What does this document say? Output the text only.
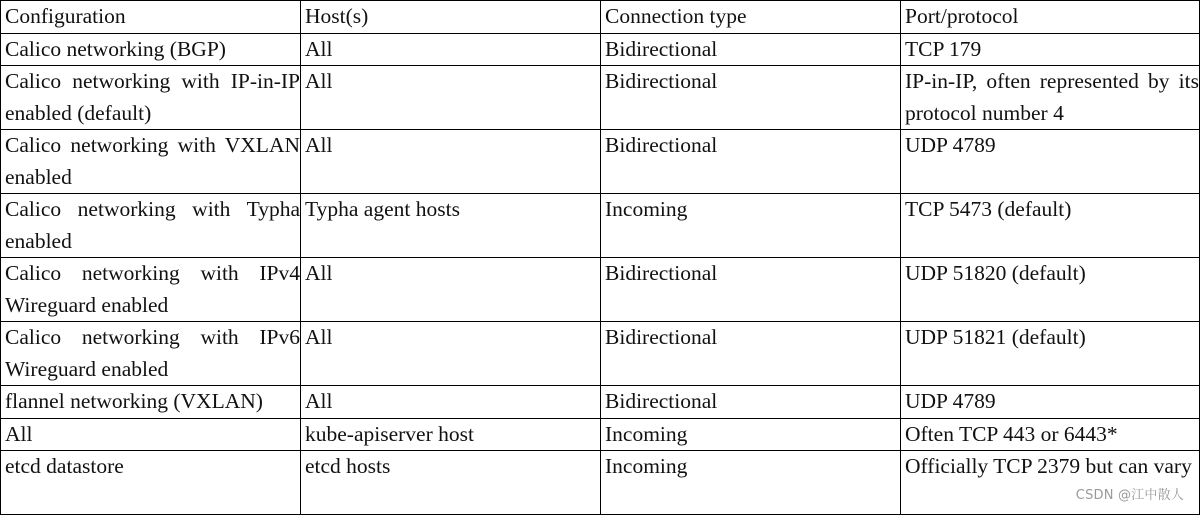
Configuration	Host(s)	Connection type	Port/protocol
Calico networking (BGP)	All	Bidirectional	TCP 179
Calico networking with IP-in-IP enabled (default)	All	Bidirectional	IP-in-IP, often represented by its protocol number 4
Calico networking with VXLAN enabled	All	Bidirectional	UDP 4789
Calico networking with Typha enabled	Typha agent hosts	Incoming	TCP 5473 (default)
Calico networking with IPv4 Wireguard enabled	All	Bidirectional	UDP 51820 (default)
Calico networking with IPv6 Wireguard enabled	All	Bidirectional	UDP 51821 (default)
flannel networking (VXLAN)	All	Bidirectional	UDP 4789
All	kube-apiserver host	Incoming	Often TCP 443 or 6443*
etcd datastore	etcd hosts	Incoming	Officially TCP 2379 but can vary
CSDN @江中散人
